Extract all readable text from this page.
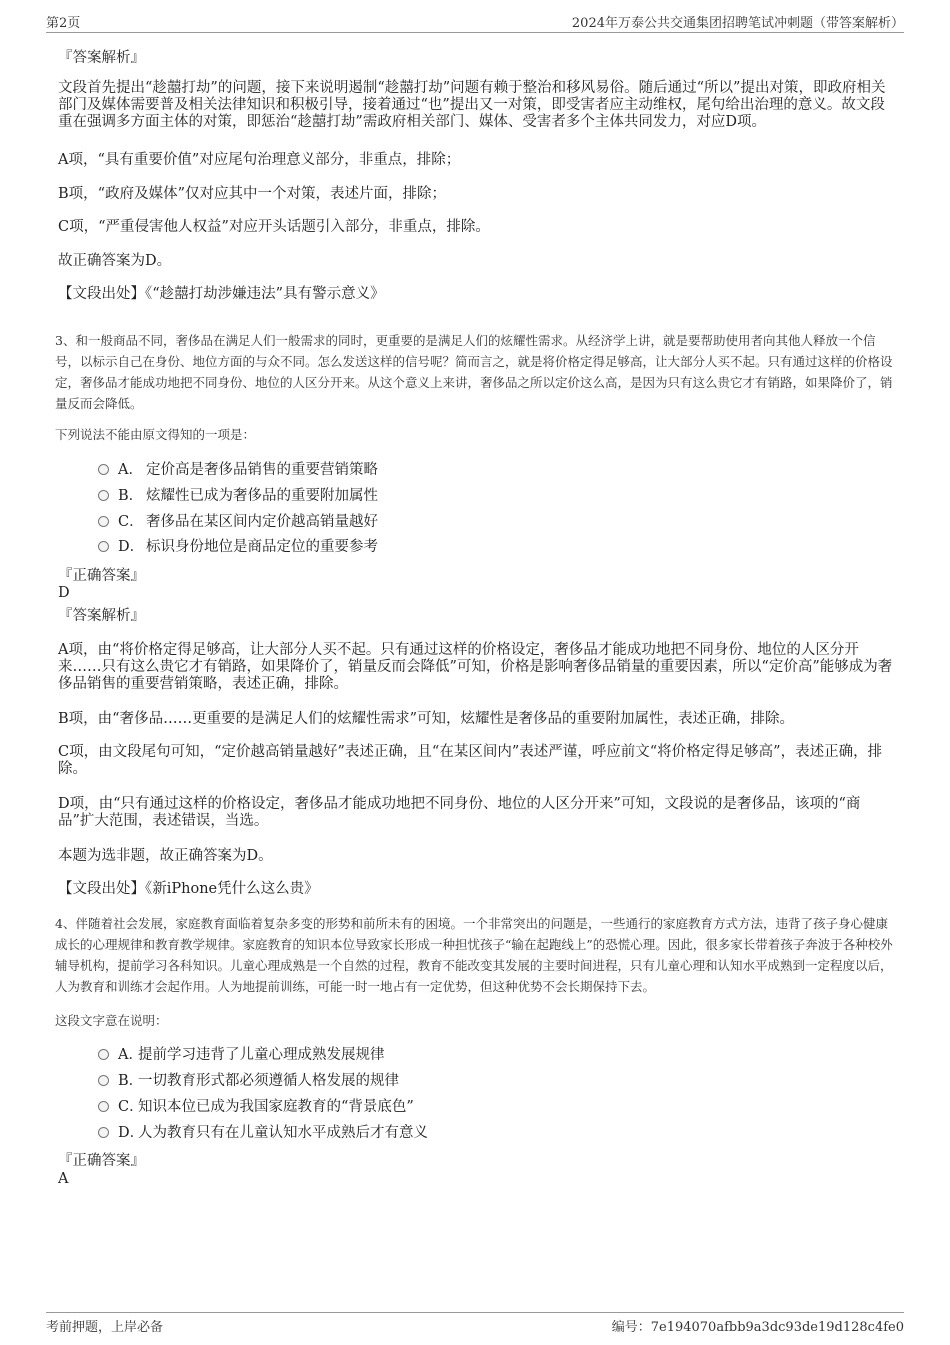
第2页	2024年万泰公共交通集团招聘笔试冲刺题（带答案解析）

『答案解析』

文段首先提出“趁囍打劫”的问题，接下来说明遏制“趁囍打劫”问题有赖于整治和移风易俗。随后通过“所以”提出对策，即政府相关部门及媒体需要普及相关法律知识和积极引导，接着通过“也”提出又一对策，即受害者应主动维权，尾句给出治理的意义。故文段重在强调多方面主体的对策，即惩治“趁囍打劫”需政府相关部门、媒体、受害者多个主体共同发力，对应D项。

A项，“具有重要价值”对应尾句治理意义部分，非重点，排除；

B项，“政府及媒体”仅对应其中一个对策，表述片面，排除；

C项，“严重侵害他人权益”对应开头话题引入部分，非重点，排除。

故正确答案为D。

【文段出处】《“趁囍打劫涉嫌违法”具有警示意义》

3、和一般商品不同，奢侈品在满足人们一般需求的同时，更重要的是满足人们的炫耀性需求。从经济学上讲，就是要帮助使用者向其他人释放一个信号，以标示自己在身份、地位方面的与众不同。怎么发送这样的信号呢？简而言之，就是将价格定得足够高，让大部分人买不起。只有通过这样的价格设定，奢侈品才能成功地把不同身份、地位的人区分开来。从这个意义上来讲，奢侈品之所以定价这么高，是因为只有这么贵它才有销路，如果降价了，销量反而会降低。

下列说法不能由原文得知的一项是：

A． 定价高是奢侈品销售的重要营销策略
B． 炫耀性已成为奢侈品的重要附加属性
C． 奢侈品在某区间内定价越高销量越好
D． 标识身份地位是商品定位的重要参考

『正确答案』

D

『答案解析』

A项，由“将价格定得足够高，让大部分人买不起。只有通过这样的价格设定，奢侈品才能成功地把不同身份、地位的人区分开来……只有这么贵它才有销路，如果降价了，销量反而会降低”可知，价格是影响奢侈品销量的重要因素，所以“定价高”能够成为奢侈品销售的重要营销策略，表述正确，排除。

B项，由“奢侈品……更重要的是满足人们的炫耀性需求”可知，炫耀性是奢侈品的重要附加属性，表述正确，排除。

C项，由文段尾句可知，“定价越高销量越好”表述正确，且“在某区间内”表述严谨，呼应前文“将价格定得足够高”，表述正确，排除。

D项，由“只有通过这样的价格设定，奢侈品才能成功地把不同身份、地位的人区分开来”可知，文段说的是奢侈品，该项的“商品”扩大范围，表述错误，当选。

本题为选非题，故正确答案为D。

【文段出处】《新iPhone凭什么这么贵》

4、伴随着社会发展，家庭教育面临着复杂多变的形势和前所未有的困境。一个非常突出的问题是，一些通行的家庭教育方式方法，违背了孩子身心健康成长的心理规律和教育教学规律。家庭教育的知识本位导致家长形成一种担忧孩子“输在起跑线上”的恐慌心理。因此，很多家长带着孩子奔波于各种校外辅导机构，提前学习各科知识。儿童心理成熟是一个自然的过程，教育不能改变其发展的主要时间进程，只有儿童心理和认知水平成熟到一定程度以后，人为教育和训练才会起作用。人为地提前训练，可能一时一地占有一定优势，但这种优势不会长期保持下去。

这段文字意在说明：

A．提前学习违背了儿童心理成熟发展规律
B．一切教育形式都必须遵循人格发展的规律
C．知识本位已成为我国家庭教育的“背景底色”
D．人为教育只有在儿童认知水平成熟后才有意义

『正确答案』

A

考前押题，上岸必备	编号：7e194070afbb9a3dc93de19d128c4fe0
